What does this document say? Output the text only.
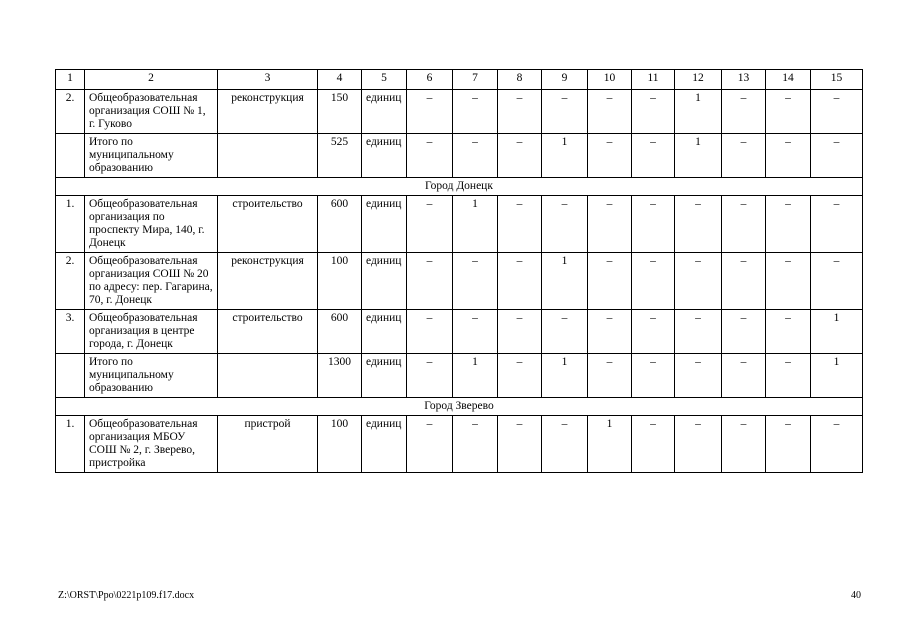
1	2	3	4	5	6	7	8	9	10	11	12	13	14	15
2.	Общеобразовательная организация СОШ № 1, г. Гуково	реконструкция	150	единиц	–	–	–	–	–	–	1	–	–	–
	Итого по муниципальному образованию		525	единиц	–	–	–	1	–	–	1	–	–	–
Город Донецк														
1.	Общеобразовательная организация по проспекту Мира, 140, г. Донецк	строительство	600	единиц	–	1	–	–	–	–	–	–	–	–
2.	Общеобразовательная организация СОШ № 20 по адресу: пер. Гагарина, 70, г. Донецк	реконструкция	100	единиц	–	–	–	1	–	–	–	–	–	–
3.	Общеобразовательная организация в центре города, г. Донецк	строительство	600	единиц	–	–	–	–	–	–	–	–	–	1
	Итого по муниципальному образованию		1300	единиц	–	1	–	1	–	–	–	–	–	1
Город Зверево														
1.	Общеобразовательная организация МБОУ СОШ № 2, г. Зверево, пристройка	пристрой	100	единиц	–	–	–	–	1	–	–	–	–	–
Z:\ORST\Ppo\0221p109.f17.docx	40
